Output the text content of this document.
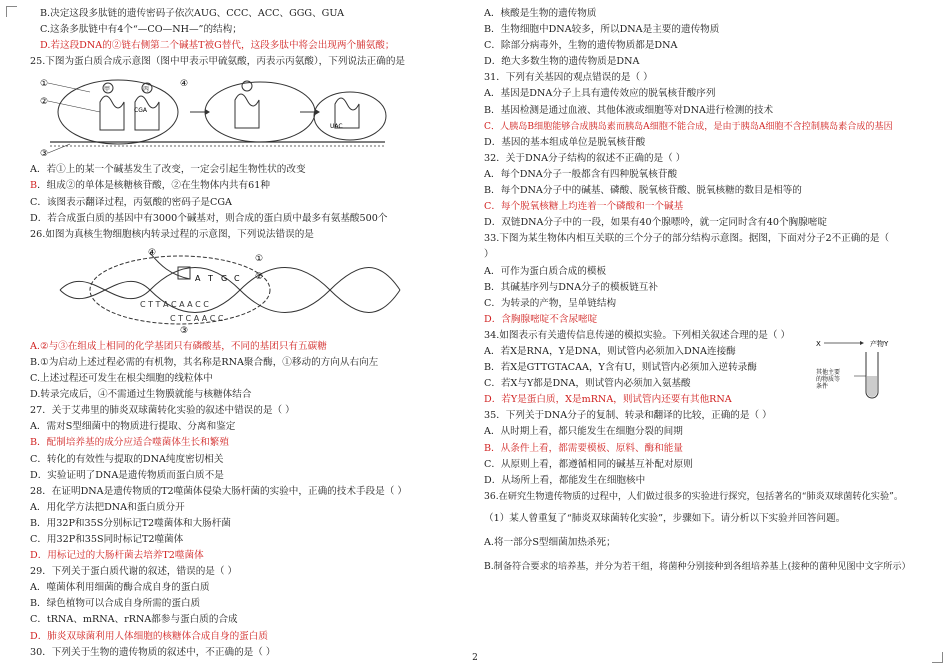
B.决定这段多肽链的遗传密码子依次AUG、CCC、ACC、GGG、GUA
C.这条多肽链中有4个“—CO—NH—”的结构；
D.若这段DNA的②链右侧第二个碱基T被G替代，这段多肽中将会出现两个脯氨酸；
25.下图为蛋白质合成示意图（图中甲表示甲硫氨酸，丙表示丙氨酸），下列说法正确的是
①
②
③
④
甲	丙
CGA
UAC
A．若①上的某一个碱基发生了改变，一定会引起生物性状的改变
B．组成②的单体是核糖核苷酸，②在生物体内共有61种
C．该图表示翻译过程，丙氨酸的密码子是CGA
D．若合成蛋白质的基因中有3000个碱基对，则合成的蛋白质中最多有氨基酸500个
26.如图为真核生物细胞核内转录过程的示意图，下列说法错误的是
A T G C
C T T A C A A C C
C T C A A C C
④
①
②
③
A.②与③在组成上相同的化学基团只有磷酸基，不同的基团只有五碳糖
B.①为启动上述过程必需的有机物，其名称是RNA聚合酶，①移动的方向从右向左
C.上述过程还可发生在根尖细胞的线粒体中
D.转录完成后，④不需通过生物膜就能与核糖体结合
27．关于艾弗里的肺炎双球菌转化实验的叙述中错误的是（ ）
A．需对S型细菌中的物质进行提取、分离和鉴定
B．配制培养基的成分应适合噬菌体生长和繁殖
C．转化的有效性与提取的DNA纯度密切相关
D．实验证明了DNA是遗传物质而蛋白质不是
28．在证明DNA是遗传物质的T2噬菌体侵染大肠杆菌的实验中，正确的技术手段是（ ）
A．用化学方法把DNA和蛋白质分开
B．用32P和35S分别标记T2噬菌体和大肠杆菌
C．用32P和35S同时标记T2噬菌体
D．用标记过的大肠杆菌去培养T2噬菌体
29．下列关于蛋白质代谢的叙述，错误的是（ ）
A．噬菌体利用细菌的酶合成自身的蛋白质
B．绿色植物可以合成自身所需的蛋白质
C．tRNA、mRNA、rRNA都参与蛋白质的合成
D．肺炎双球菌利用人体细胞的核糖体合成自身的蛋白质
30．下列关于生物的遗传物质的叙述中，不正确的是（ ）
A．核酸是生物的遗传物质
B．生物细胞中DNA较多，所以DNA是主要的遗传物质
C．除部分病毒外，生物的遗传物质都是DNA
D．绝大多数生物的遗传物质是DNA
31．下列有关基因的观点错误的是（ ）
A．基因是DNA分子上具有遗传效应的脱氧核苷酸序列
B．基因检测是通过血液、其他体液或细胞等对DNA进行检测的技术
C．人胰岛B细胞能够合成胰岛素而胰岛A细胞不能合成，是由于胰岛A细胞不含控制胰岛素合成的基因
D．基因的基本组成单位是脱氧核苷酸
32．关于DNA分子结构的叙述不正确的是（ ）
A．每个DNA分子一般都含有四种脱氧核苷酸
B．每个DNA分子中的碱基、磷酸、脱氧核苷酸、脱氧核糖的数目是相等的
C．每个脱氧核糖上均连着一个磷酸和一个碱基
D．双链DNA分子中的一段，如果有40个腺嘌呤，就一定同时含有40个胸腺嘧啶
33.下图为某生物体内相互关联的三个分子的部分结构示意图。据图，下面对分子2不正确的是（
）
A．可作为蛋白质合成的模板
B．其碱基序列与DNA分子的模板链互补
C．为转录的产物，呈单链结构
D．含胸腺嘧啶不含尿嘧啶
34.如图表示有关遗传信息传递的模拟实验。下列相关叙述合理的是（ ）
A．若X是RNA，Y是DNA，则试管内必须加入DNA连接酶
B．若X是GTTGTACAA，Y含有U，则试管内必须加入逆转录酶
C．若X与Y都是DNA，则试管内必须加入氨基酸
D．若Y是蛋白质，X是mRNA，则试管内还要有其他RNA
X	产物Y
其他主要
的物质等
条件
35．下列关于DNA分子的复制、转录和翻译的比较，正确的是（ ）
A．从时期上看，都只能发生在细胞分裂的间期
B．从条件上看，都需要模板、原料、酶和能量
C．从原则上看，都遵循相同的碱基互补配对原则
D．从场所上看，都能发生在细胞核中
36.在研究生物遗传物质的过程中，人们做过很多的实验进行探究，包括著名的“肺炎双球菌转化实验”。
（1）某人曾重复了“肺炎双球菌转化实验”，步骤如下。请分析以下实验并回答问题。
A.将一部分S型细菌加热杀死；
B.制备符合要求的培养基，并分为若干组，将菌种分别接种到各组培养基上(接种的菌种见图中文字所示）
2
